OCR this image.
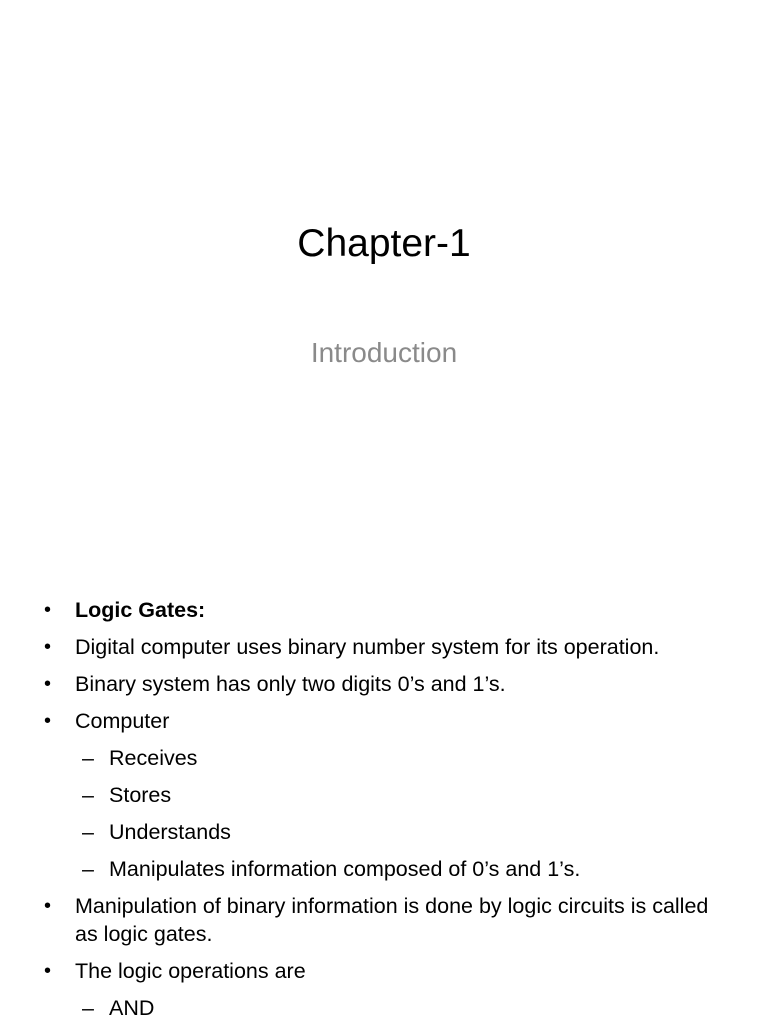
Chapter-1
Introduction
• Logic Gates:
• Digital computer uses binary number system for its operation.
• Binary system has only two digits 0’s and 1’s.
• Computer
– Receives
– Stores
– Understands
– Manipulates information composed of 0’s and 1’s.
• Manipulation of binary information is done by logic circuits is called as logic gates.
• The logic operations are
– AND
